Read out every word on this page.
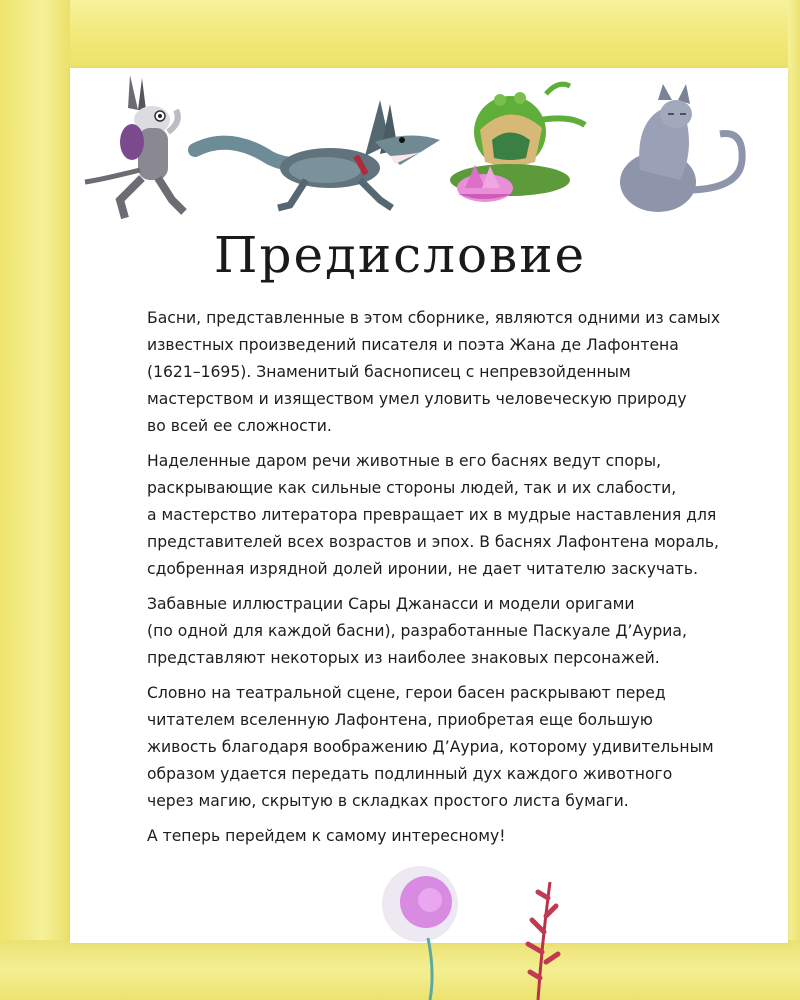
Предисловие

Басни, представленные в этом сборнике, являются одними из самых
известных произведений писателя и поэта Жана де Лафонтена
(1621–1695). Знаменитый баснописец с непревзойденным
мастерством и изяществом умел уловить человеческую природу
во всей ее сложности.

Наделенные даром речи животные в его баснях ведут споры,
раскрывающие как сильные стороны людей, так и их слабости,
а мастерство литератора превращает их в мудрые наставления для
представителей всех возрастов и эпох. В баснях Лафонтена мораль,
сдобренная изрядной долей иронии, не дает читателю заскучать.

Забавные иллюстрации Сары Джанасси и модели оригами
(по одной для каждой басни), разработанные Паскуале Д’Ауриа,
представляют некоторых из наиболее знаковых персонажей.

Словно на театральной сцене, герои басен раскрывают перед
читателем вселенную Лафонтена, приобретая еще большую
живость благодаря воображению Д’Ауриа, которому удивительным
образом удается передать подлинный дух каждого животного
через магию, скрытую в складках простого листа бумаги.

А теперь перейдем к самому интересному!
